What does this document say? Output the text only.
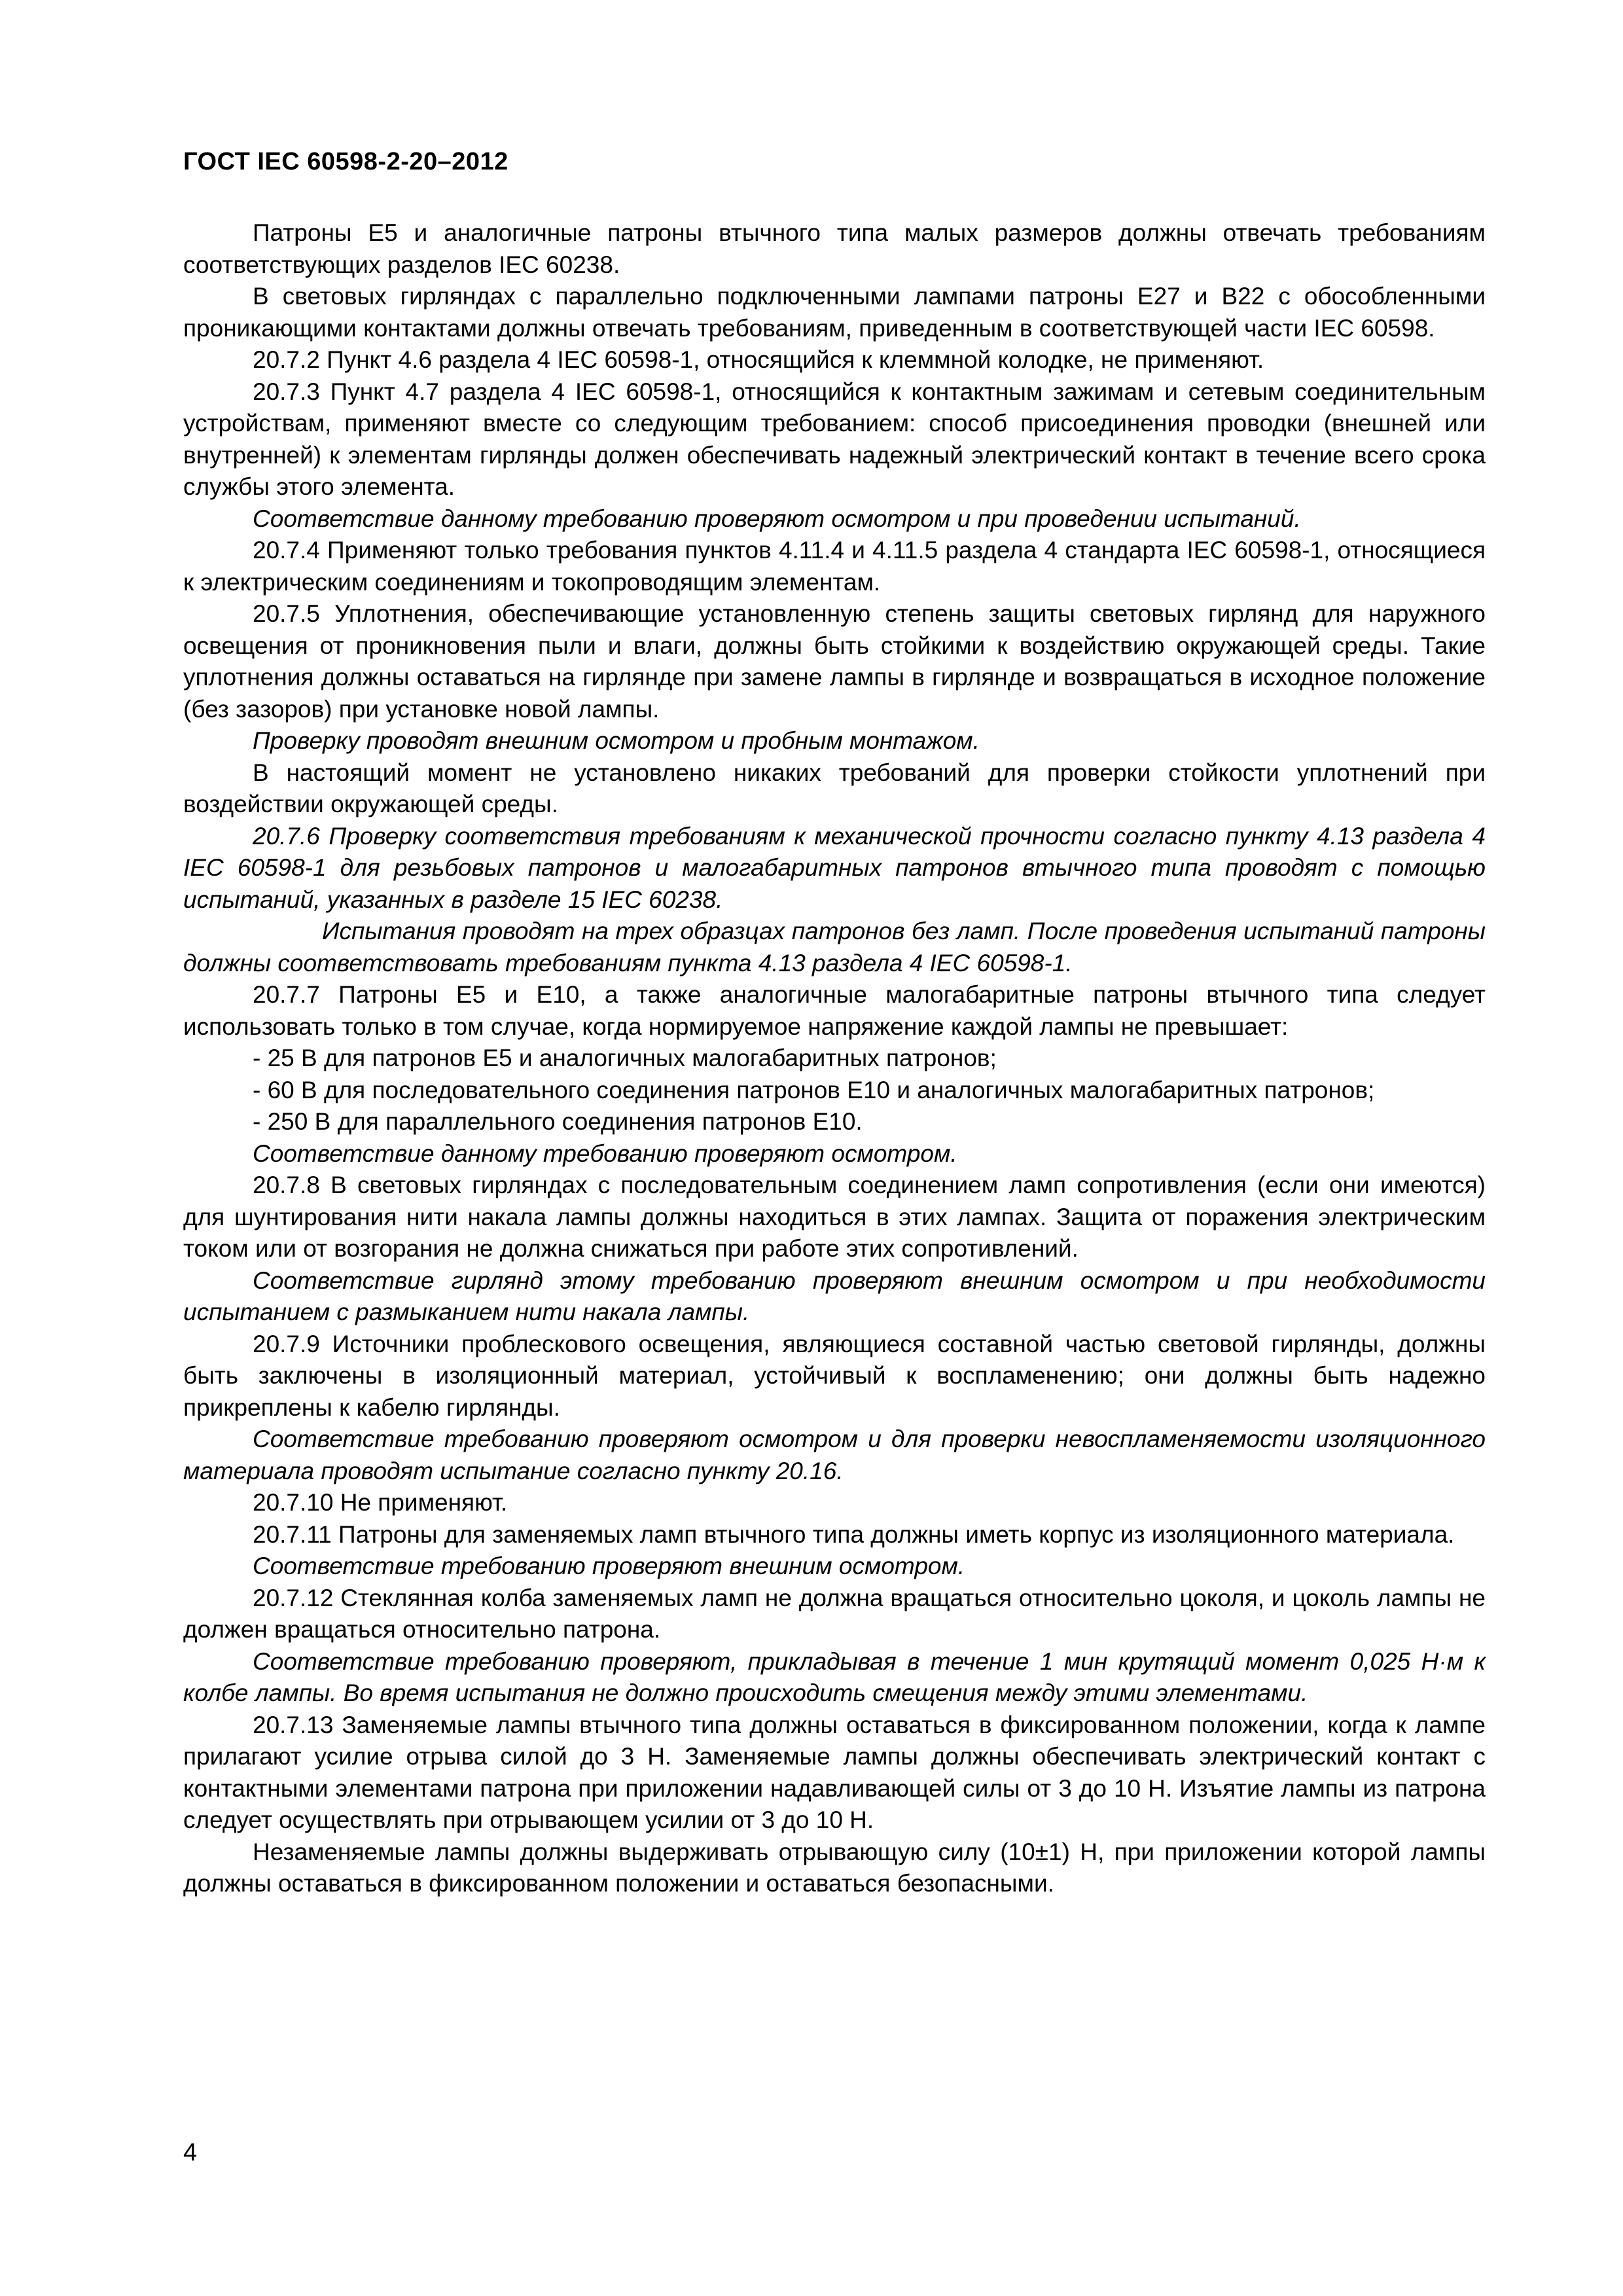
ГОСТ IEC 60598-2-20–2012

Патроны E5 и аналогичные патроны втычного типа малых размеров должны отвечать требованиям соответствующих разделов IEC 60238.

В световых гирляндах с параллельно подключенными лампами патроны E27 и B22 с обособленными проникающими контактами должны отвечать требованиям, приведенным в соответствующей части IEC 60598.

20.7.2 Пункт 4.6 раздела 4 IEC 60598-1, относящийся к клеммной колодке, не применяют.

20.7.3 Пункт 4.7 раздела 4 IEC 60598-1, относящийся к контактным зажимам и сетевым соединительным устройствам, применяют вместе со следующим требованием: способ присоединения проводки (внешней или внутренней) к элементам гирлянды должен обеспечивать надежный электрический контакт в течение всего срока службы этого элемента.

Соответствие данному требованию проверяют осмотром и при проведении испытаний.

20.7.4 Применяют только требования пунктов 4.11.4 и 4.11.5 раздела 4 стандарта IEC 60598-1, относящиеся к электрическим соединениям и токопроводящим элементам.

20.7.5 Уплотнения, обеспечивающие установленную степень защиты световых гирлянд для наружного освещения от проникновения пыли и влаги, должны быть стойкими к воздействию окружающей среды. Такие уплотнения должны оставаться на гирлянде при замене лампы в гирлянде и возвращаться в исходное положение (без зазоров) при установке новой лампы.

Проверку проводят внешним осмотром и пробным монтажом.

В настоящий момент не установлено никаких требований для проверки стойкости уплотнений при воздействии окружающей среды.

20.7.6 Проверку соответствия требованиям к механической прочности согласно пункту 4.13 раздела 4 IEC 60598-1 для резьбовых патронов и малогабаритных патронов втычного типа проводят с помощью испытаний, указанных в разделе 15 IEC 60238.

Испытания проводят на трех образцах патронов без ламп. После проведения испытаний патроны должны соответствовать требованиям пункта 4.13 раздела 4 IEC 60598-1.

20.7.7 Патроны E5 и E10, а также аналогичные малогабаритные патроны втычного типа следует использовать только в том случае, когда нормируемое напряжение каждой лампы не превышает:

- 25 В для патронов E5 и аналогичных малогабаритных патронов;

- 60 В для последовательного соединения патронов E10 и аналогичных малогабаритных патронов;

- 250 В для параллельного соединения патронов E10.

Соответствие данному требованию проверяют осмотром.

20.7.8 В световых гирляндах с последовательным соединением ламп сопротивления (если они имеются) для шунтирования нити накала лампы должны находиться в этих лампах. Защита от поражения электрическим током или от возгорания не должна снижаться при работе этих сопротивлений.

Соответствие гирлянд этому требованию проверяют внешним осмотром и при необходимости испытанием с размыканием нити накала лампы.

20.7.9 Источники проблескового освещения, являющиеся составной частью световой гирлянды, должны быть заключены в изоляционный материал, устойчивый к воспламенению; они должны быть надежно прикреплены к кабелю гирлянды.

Соответствие требованию проверяют осмотром и для проверки невоспламеняемости изоляционного материала проводят испытание согласно пункту 20.16.

20.7.10 Не применяют.

20.7.11 Патроны для заменяемых ламп втычного типа должны иметь корпус из изоляционного материала.

Соответствие требованию проверяют внешним осмотром.

20.7.12 Стеклянная колба заменяемых ламп не должна вращаться относительно цоколя, и цоколь лампы не должен вращаться относительно патрона.

Соответствие требованию проверяют, прикладывая в течение 1 мин крутящий момент 0,025 Н·м к колбе лампы. Во время испытания не должно происходить смещения между этими элементами.

20.7.13 Заменяемые лампы втычного типа должны оставаться в фиксированном положении, когда к лампе прилагают усилие отрыва силой до 3 Н. Заменяемые лампы должны обеспечивать электрический контакт с контактными элементами патрона при приложении надавливающей силы от 3 до 10 Н. Изъятие лампы из патрона следует осуществлять при отрывающем усилии от 3 до 10 Н.

Незаменяемые лампы должны выдерживать отрывающую силу (10±1) Н, при приложении которой лампы должны оставаться в фиксированном положении и оставаться безопасными.

4
